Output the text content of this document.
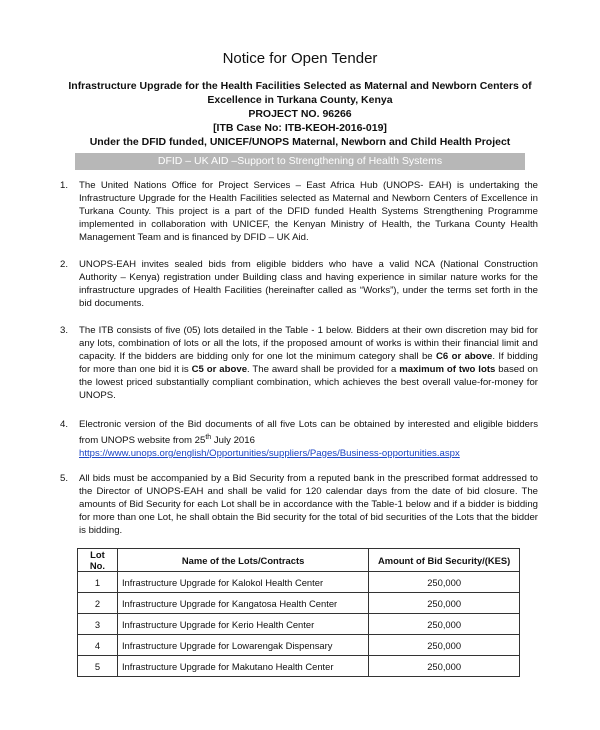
Notice for Open Tender
Infrastructure Upgrade for the Health Facilities Selected as Maternal and Newborn Centers of
Excellence in Turkana County, Kenya
PROJECT NO. 96266
[ITB Case No: ITB-KEOH-2016-019]
Under the DFID funded, UNICEF/UNOPS Maternal, Newborn and Child Health Project
DFID – UK AID –Support to Strengthening of Health Systems
1. The United Nations Office for Project Services – East Africa Hub (UNOPS- EAH) is undertaking the Infrastructure Upgrade for the Health Facilities selected as Maternal and Newborn Centers of Excellence in Turkana County. This project is a part of the DFID funded Health Systems Strengthening Programme implemented in collaboration with UNICEF, the Kenyan Ministry of Health, the Turkana County Health Management Team and is financed by DFID – UK Aid.
2. UNOPS-EAH invites sealed bids from eligible bidders who have a valid NCA (National Construction Authority – Kenya) registration under Building class and having experience in similar nature works for the infrastructure upgrades of Health Facilities (hereinafter called as “Works”), under the terms set forth in the bid documents.
3. The ITB consists of five (05) lots detailed in the Table - 1 below. Bidders at their own discretion may bid for any lots, combination of lots or all the lots, if the proposed amount of works is within their financial limit and capacity. If the bidders are bidding only for one lot the minimum category shall be C6 or above. If bidding for more than one bid it is C5 or above. The award shall be provided for a maximum of two lots based on the lowest priced substantially compliant combination, which achieves the best overall value-for-money for UNOPS.
4. Electronic version of the Bid documents of all five Lots can be obtained by interested and eligible bidders from UNOPS website from 25th July 2016
https://www.unops.org/english/Opportunities/suppliers/Pages/Business-opportunities.aspx
5. All bids must be accompanied by a Bid Security from a reputed bank in the prescribed format addressed to the Director of UNOPS-EAH and shall be valid for 120 calendar days from the date of bid closure. The amounts of Bid Security for each Lot shall be in accordance with the Table-1 below and if a bidder is bidding for more than one Lot, he shall obtain the Bid security for the total of bid securities of the Lots that the bidder is bidding.
Lot No.	Name of the Lots/Contracts	Amount of Bid Security/(KES)
1	Infrastructure Upgrade for Kalokol Health Center	250,000
2	Infrastructure Upgrade for Kangatosa Health Center	250,000
3	Infrastructure Upgrade for Kerio Health Center	250,000
4	Infrastructure Upgrade for Lowarengak Dispensary	250,000
5	Infrastructure Upgrade for Makutano Health Center	250,000
